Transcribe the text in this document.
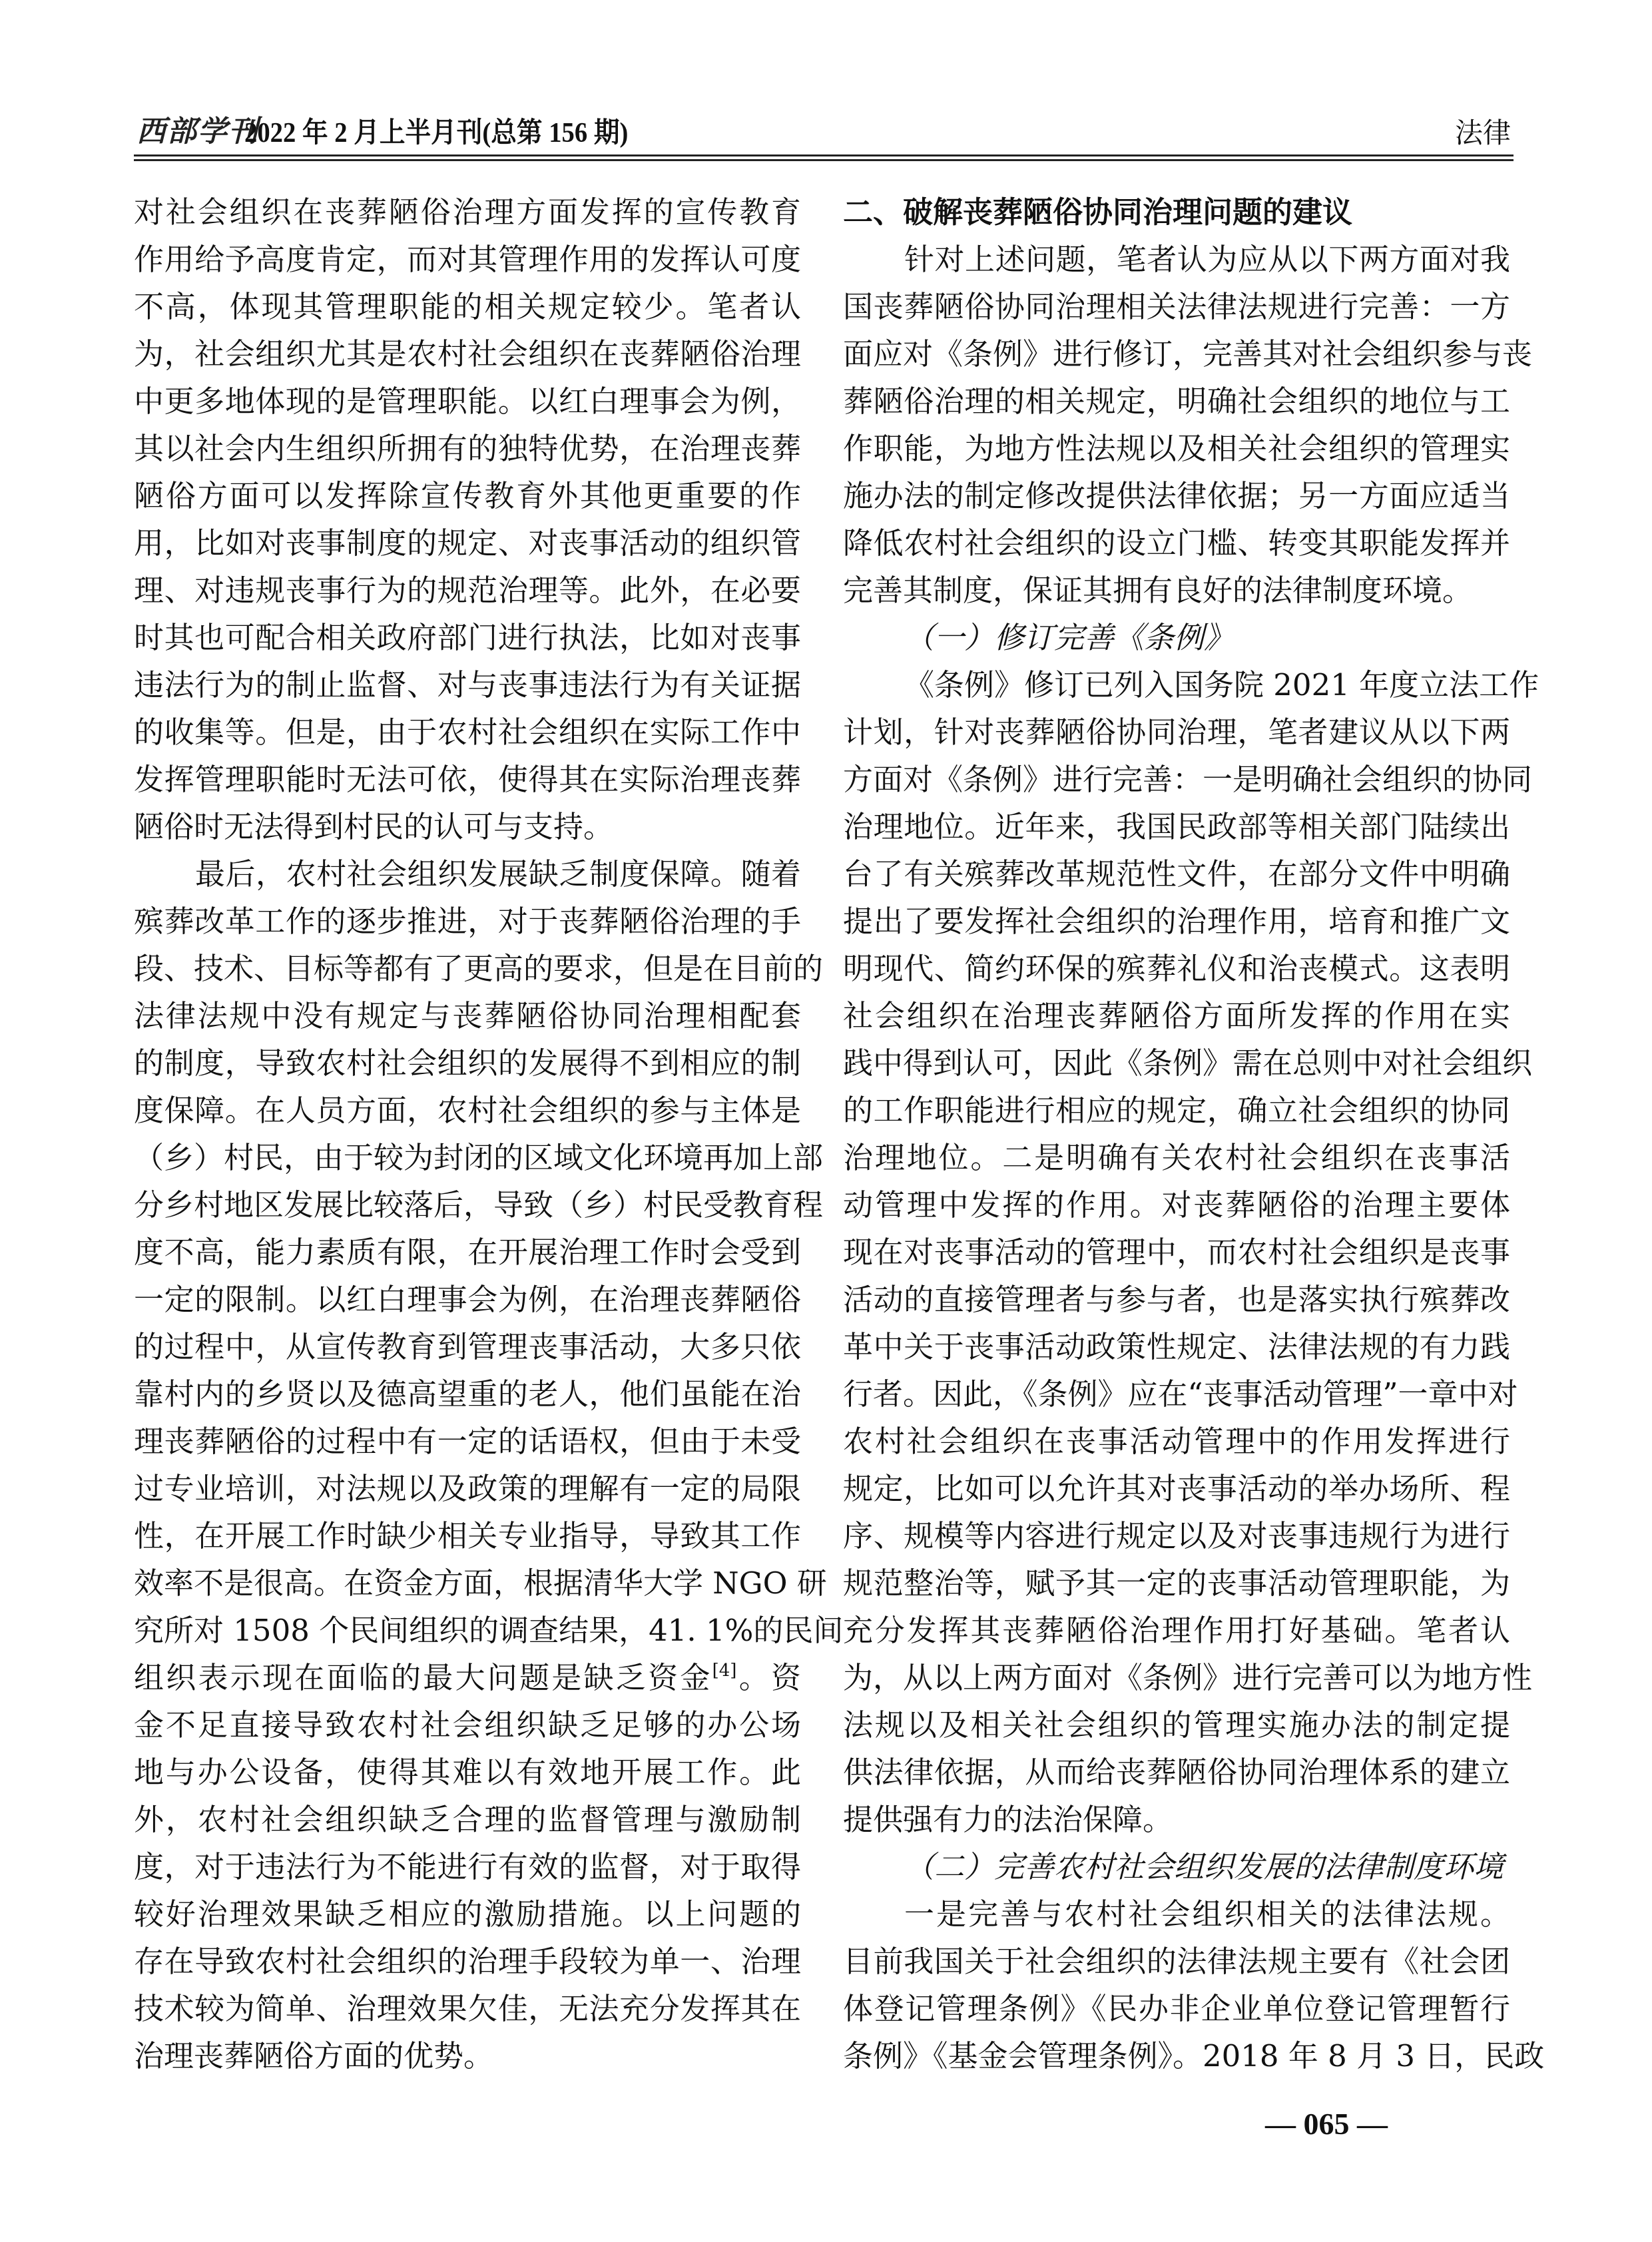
西部学刊
2022 年 2 月上半月刊(总第 156 期)	法律
对社会组织在丧葬陋俗治理方面发挥的宣传教育
作用给予高度肯定，而对其管理作用的发挥认可度
不高，体现其管理职能的相关规定较少。笔者认
为，社会组织尤其是农村社会组织在丧葬陋俗治理
中更多地体现的是管理职能。以红白理事会为例，
其以社会内生组织所拥有的独特优势，在治理丧葬
陋俗方面可以发挥除宣传教育外其他更重要的作
用，比如对丧事制度的规定、对丧事活动的组织管
理、对违规丧事行为的规范治理等。此外，在必要
时其也可配合相关政府部门进行执法，比如对丧事
违法行为的制止监督、对与丧事违法行为有关证据
的收集等。但是，由于农村社会组织在实际工作中
发挥管理职能时无法可依，使得其在实际治理丧葬
陋俗时无法得到村民的认可与支持。
最后，农村社会组织发展缺乏制度保障。随着
殡葬改革工作的逐步推进，对于丧葬陋俗治理的手
段、技术、目标等都有了更高的要求，但是在目前的
法律法规中没有规定与丧葬陋俗协同治理相配套
的制度，导致农村社会组织的发展得不到相应的制
度保障。在人员方面，农村社会组织的参与主体是
（乡）村民，由于较为封闭的区域文化环境再加上部
分乡村地区发展比较落后，导致（乡）村民受教育程
度不高，能力素质有限，在开展治理工作时会受到
一定的限制。以红白理事会为例，在治理丧葬陋俗
的过程中，从宣传教育到管理丧事活动，大多只依
靠村内的乡贤以及德高望重的老人，他们虽能在治
理丧葬陋俗的过程中有一定的话语权，但由于未受
过专业培训，对法规以及政策的理解有一定的局限
性，在开展工作时缺少相关专业指导，导致其工作
效率不是很高。在资金方面，根据清华大学 NGO 研
究所对 1508 个民间组织的调查结果，41. 1%的民间
组织表示现在面临的最大问题是缺乏资金[4]。资
金不足直接导致农村社会组织缺乏足够的办公场
地与办公设备，使得其难以有效地开展工作。此
外，农村社会组织缺乏合理的监督管理与激励制
度，对于违法行为不能进行有效的监督，对于取得
较好治理效果缺乏相应的激励措施。以上问题的
存在导致农村社会组织的治理手段较为单一、治理
技术较为简单、治理效果欠佳，无法充分发挥其在
治理丧葬陋俗方面的优势。
二、破解丧葬陋俗协同治理问题的建议
针对上述问题，笔者认为应从以下两方面对我
国丧葬陋俗协同治理相关法律法规进行完善：一方
面应对《条例》进行修订，完善其对社会组织参与丧
葬陋俗治理的相关规定，明确社会组织的地位与工
作职能，为地方性法规以及相关社会组织的管理实
施办法的制定修改提供法律依据；另一方面应适当
降低农村社会组织的设立门槛、转变其职能发挥并
完善其制度，保证其拥有良好的法律制度环境。
（一）修订完善《条例》
《条例》修订已列入国务院 2021 年度立法工作
计划，针对丧葬陋俗协同治理，笔者建议从以下两
方面对《条例》进行完善：一是明确社会组织的协同
治理地位。近年来，我国民政部等相关部门陆续出
台了有关殡葬改革规范性文件，在部分文件中明确
提出了要发挥社会组织的治理作用，培育和推广文
明现代、简约环保的殡葬礼仪和治丧模式。这表明
社会组织在治理丧葬陋俗方面所发挥的作用在实
践中得到认可，因此《条例》需在总则中对社会组织
的工作职能进行相应的规定，确立社会组织的协同
治理地位。二是明确有关农村社会组织在丧事活
动管理中发挥的作用。对丧葬陋俗的治理主要体
现在对丧事活动的管理中，而农村社会组织是丧事
活动的直接管理者与参与者，也是落实执行殡葬改
革中关于丧事活动政策性规定、法律法规的有力践
行者。因此，《条例》应在“丧事活动管理”一章中对
农村社会组织在丧事活动管理中的作用发挥进行
规定，比如可以允许其对丧事活动的举办场所、程
序、规模等内容进行规定以及对丧事违规行为进行
规范整治等，赋予其一定的丧事活动管理职能，为
充分发挥其丧葬陋俗治理作用打好基础。笔者认
为，从以上两方面对《条例》进行完善可以为地方性
法规以及相关社会组织的管理实施办法的制定提
供法律依据，从而给丧葬陋俗协同治理体系的建立
提供强有力的法治保障。
（二）完善农村社会组织发展的法律制度环境
一是完善与农村社会组织相关的法律法规。
目前我国关于社会组织的法律法规主要有《社会团
体登记管理条例》《民办非企业单位登记管理暂行
条例》《基金会管理条例》。2018 年 8 月 3 日，民政
— 065 —
